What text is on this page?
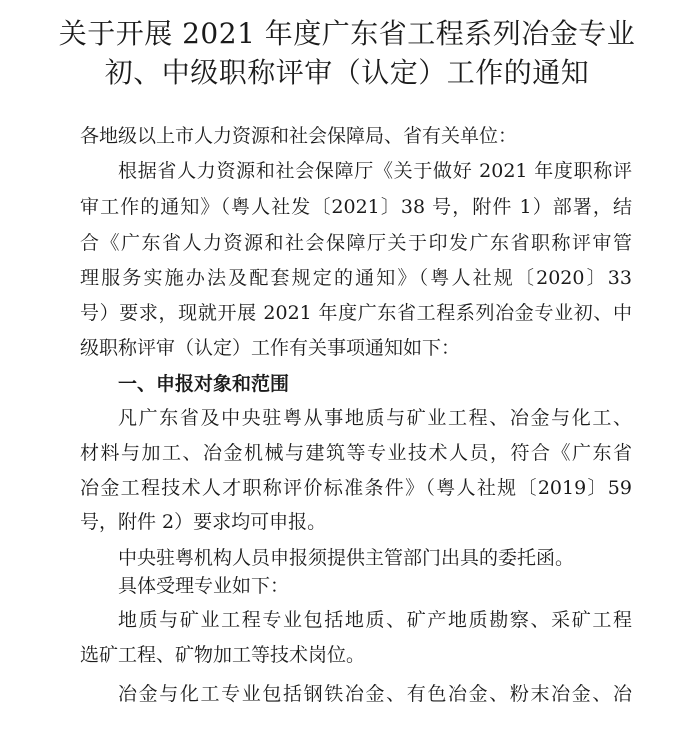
关于开展 2021 年度广东省工程系列冶金专业
初、中级职称评审（认定）工作的通知
各地级以上市人力资源和社会保障局、省有关单位：
根据省人力资源和社会保障厅《关于做好 2021 年度职称评
审工作的通知》（粤人社发〔2021〕38 号，附件 1）部署，结
合《广东省人力资源和社会保障厅关于印发广东省职称评审管
理服务实施办法及配套规定的通知》（粤人社规〔2020〕33
号）要求，现就开展 2021 年度广东省工程系列冶金专业初、中
级职称评审（认定）工作有关事项通知如下：
一、申报对象和范围
凡广东省及中央驻粤从事地质与矿业工程、冶金与化工、
材料与加工、冶金机械与建筑等专业技术人员，符合《广东省
冶金工程技术人才职称评价标准条件》（粤人社规〔2019〕59
号，附件 2）要求均可申报。
中央驻粤机构人员申报须提供主管部门出具的委托函。
具体受理专业如下：
地质与矿业工程专业包括地质、矿产地质勘察、采矿工程
选矿工程、矿物加工等技术岗位。
冶金与化工专业包括钢铁冶金、有色冶金、粉末冶金、冶
